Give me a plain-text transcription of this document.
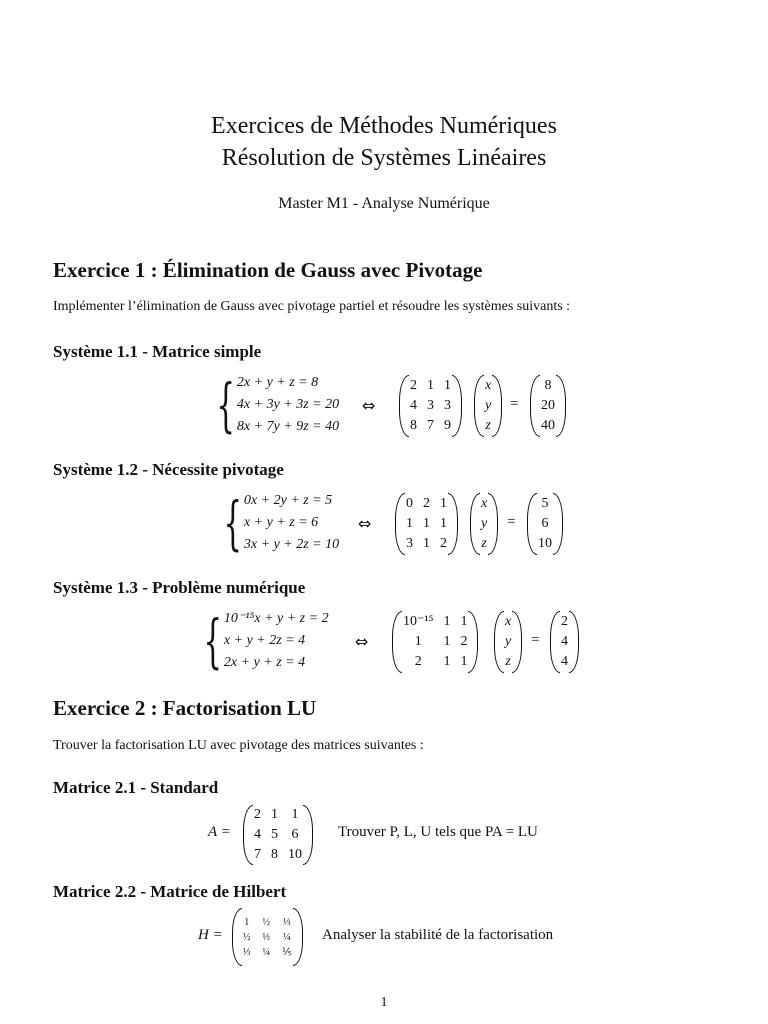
Exercices de Méthodes Numériques
Résolution de Systèmes Linéaires
Master M1 - Analyse Numérique
Exercice 1 : Élimination de Gauss avec Pivotage
Implémenter l’élimination de Gauss avec pivotage partiel et résoudre les systèmes suivants :
Système 1.1 - Matrice simple
{ 2x + y + z = 8
4x + 3y + 3z = 20
8x + 7y + 9z = 40
⇔
2 1 1
4 3 3
8 7 9
x
y
z
=
8
20
40
Système 1.2 - Nécessite pivotage
{ 0x + 2y + z = 5
x + y + z = 6
3x + y + 2z = 10
⇔
0 2 1
1 1 1
3 1 2
x
y
z
=
5
6
10
Système 1.3 - Problème numérique
{ 10⁻¹⁵x + y + z = 2
x + y + 2z = 4
2x + y + z = 4
⇔
10⁻¹⁵ 1 1
1	1 2
2	1 1
x
y
z
=
2
4
4
Exercice 2 : Factorisation LU
Trouver la factorisation LU avec pivotage des matrices suivantes :
Matrice 2.1 - Standard
A =
2 1 1
4 5 6
7 8 10
Trouver P, L, U tels que PA = LU
Matrice 2.2 - Matrice de Hilbert
H =
1 ½ ⅓
½ ⅓ ¼
⅓ ¼ ⅕
Analyser la stabilité de la factorisation
1
